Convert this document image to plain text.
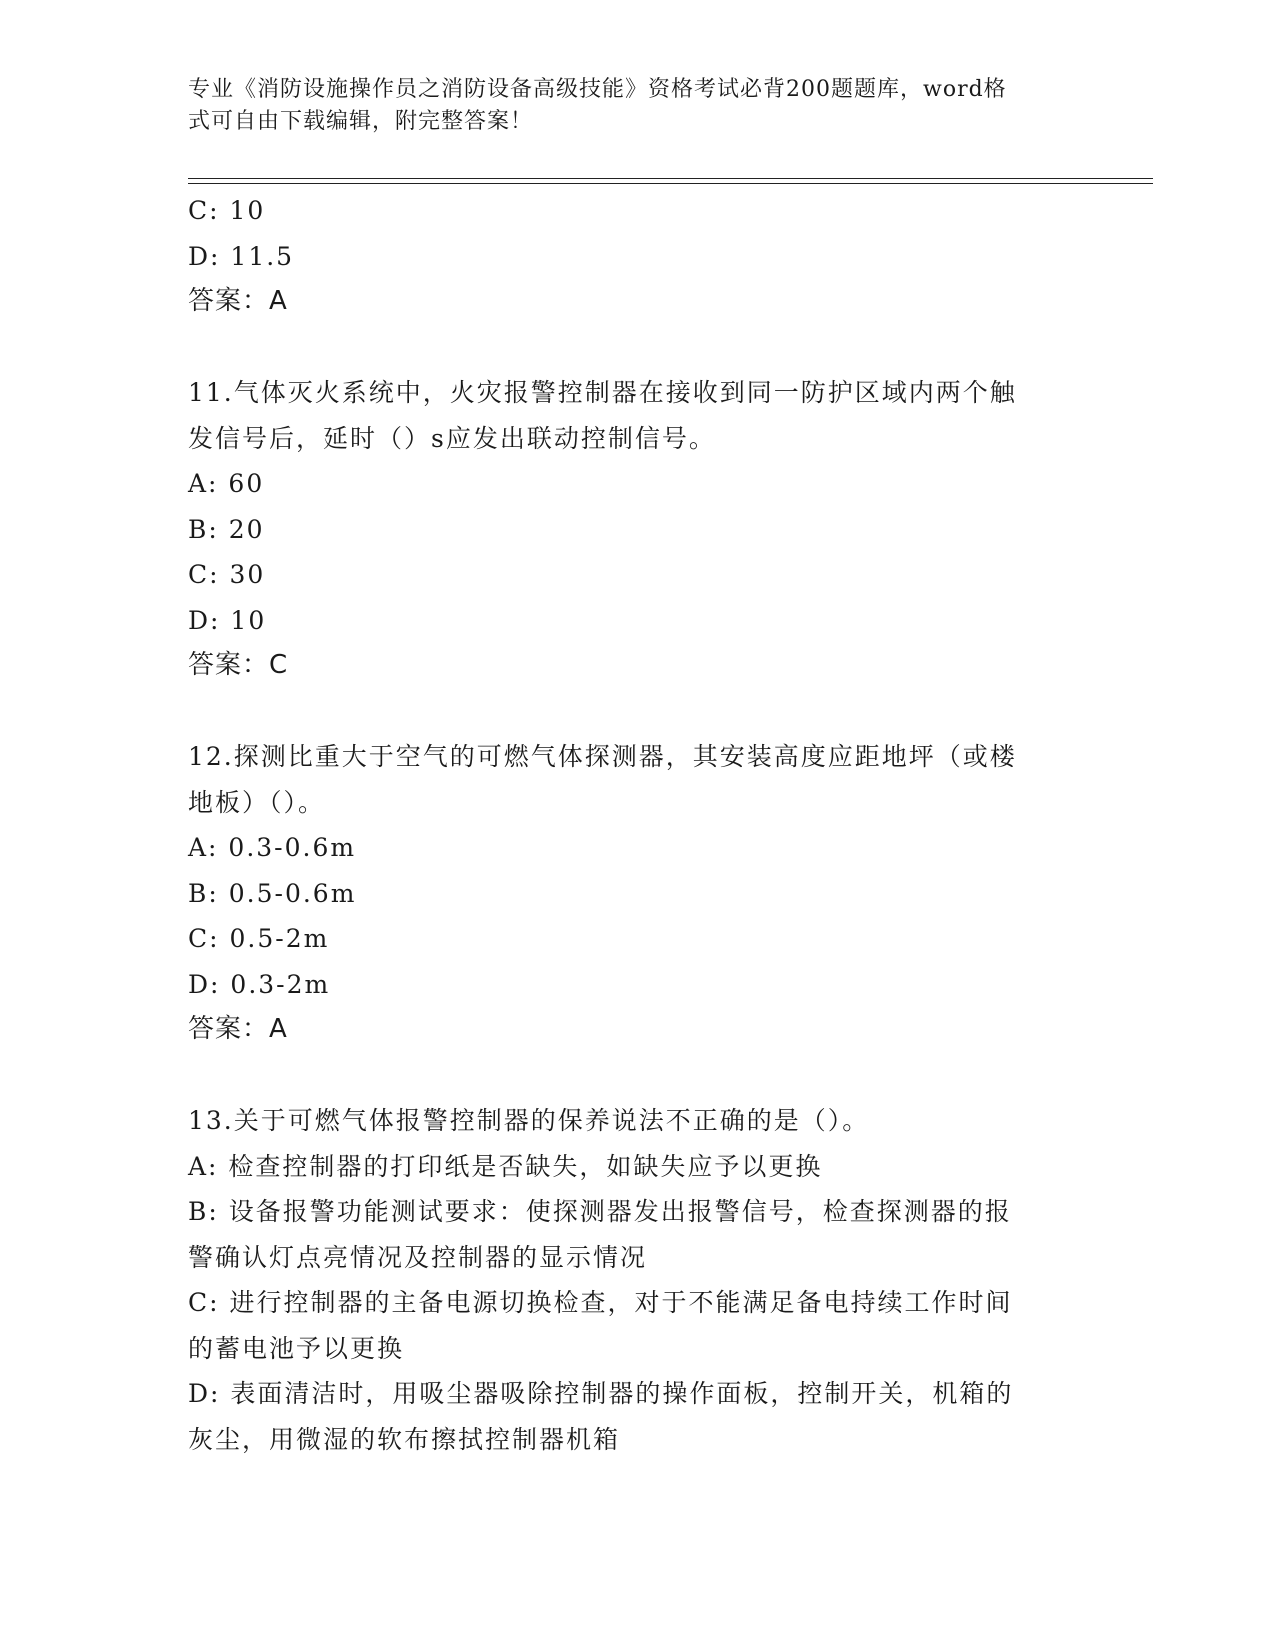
专业《消防设施操作员之消防设备高级技能》资格考试必背200题题库，word格
式可自由下载编辑，附完整答案！
C: 10
D: 11.5
答案：A
11.气体灭火系统中，火灾报警控制器在接收到同一防护区域内两个触
发信号后，延时（）s应发出联动控制信号。
A: 60
B: 20
C: 30
D: 10
答案：C
12.探测比重大于空气的可燃气体探测器，其安装高度应距地坪（或楼
地板）（）。
A: 0.3-0.6m
B: 0.5-0.6m
C: 0.5-2m
D: 0.3-2m
答案：A
13.关于可燃气体报警控制器的保养说法不正确的是（）。
A: 检查控制器的打印纸是否缺失，如缺失应予以更换
B: 设备报警功能测试要求：使探测器发出报警信号，检查探测器的报
警确认灯点亮情况及控制器的显示情况
C: 进行控制器的主备电源切换检查，对于不能满足备电持续工作时间
的蓄电池予以更换
D: 表面清洁时，用吸尘器吸除控制器的操作面板，控制开关，机箱的
灰尘，用微湿的软布擦拭控制器机箱
